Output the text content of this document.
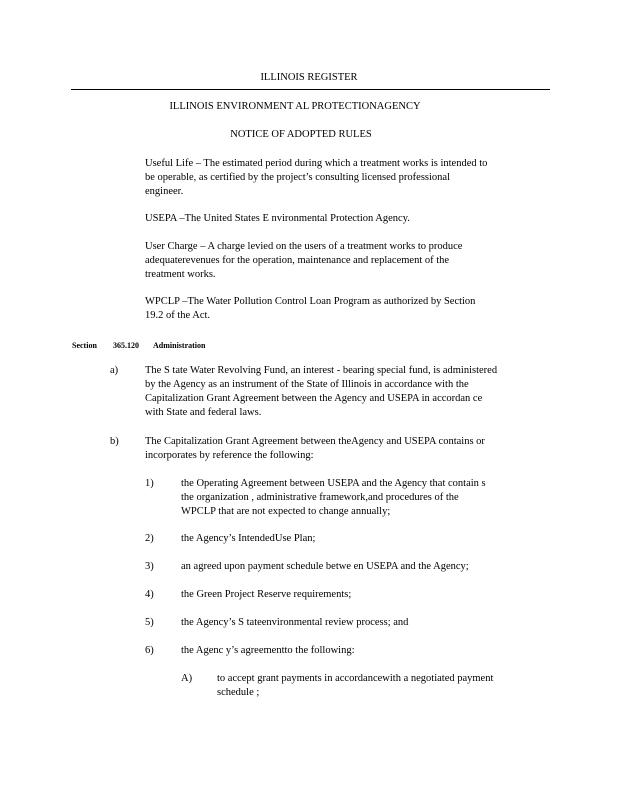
ILLINOIS REGISTER
ILLINOIS ENVIRONMENT AL PROTECTIONAGENCY
NOTICE OF ADOPTED RULES
Useful Life – The estimated period during which a treatment works is intended to
be operable, as certified by the project’s consulting licensed professional
engineer.
USEPA –The United States E nvironmental Protection Agency.
User Charge – A charge levied on the users of a treatment works to produce
adequaterevenues for the operation, maintenance and replacement of the
treatment works.
WPCLP –The Water Pollution Control Loan Program as authorized by Section
19.2 of the Act.
Section 365.120 Administration
a)	The S tate Water Revolving Fund, an interest - bearing special fund, is administered
by the Agency as an instrument of the State of Illinois in accordance with the
Capitalization Grant Agreement between the Agency and USEPA in accordan ce
with State and federal laws.
b)	The Capitalization Grant Agreement between theAgency and USEPA contains or
incorporates by reference the following:
1)	the Operating Agreement between USEPA and the Agency that contain s
the organization , administrative framework,and procedures of the
WPCLP that are not expected to change annually;
2)	the Agency’s IntendedUse Plan;
3)	an agreed upon payment schedule betwe en USEPA and the Agency;
4)	the Green Project Reserve requirements;
5)	the Agency’s S tateenvironmental review process; and
6)	the Agenc y’s agreementto the following:
A) to accept grant payments in accordancewith a negotiated payment
schedule ;
